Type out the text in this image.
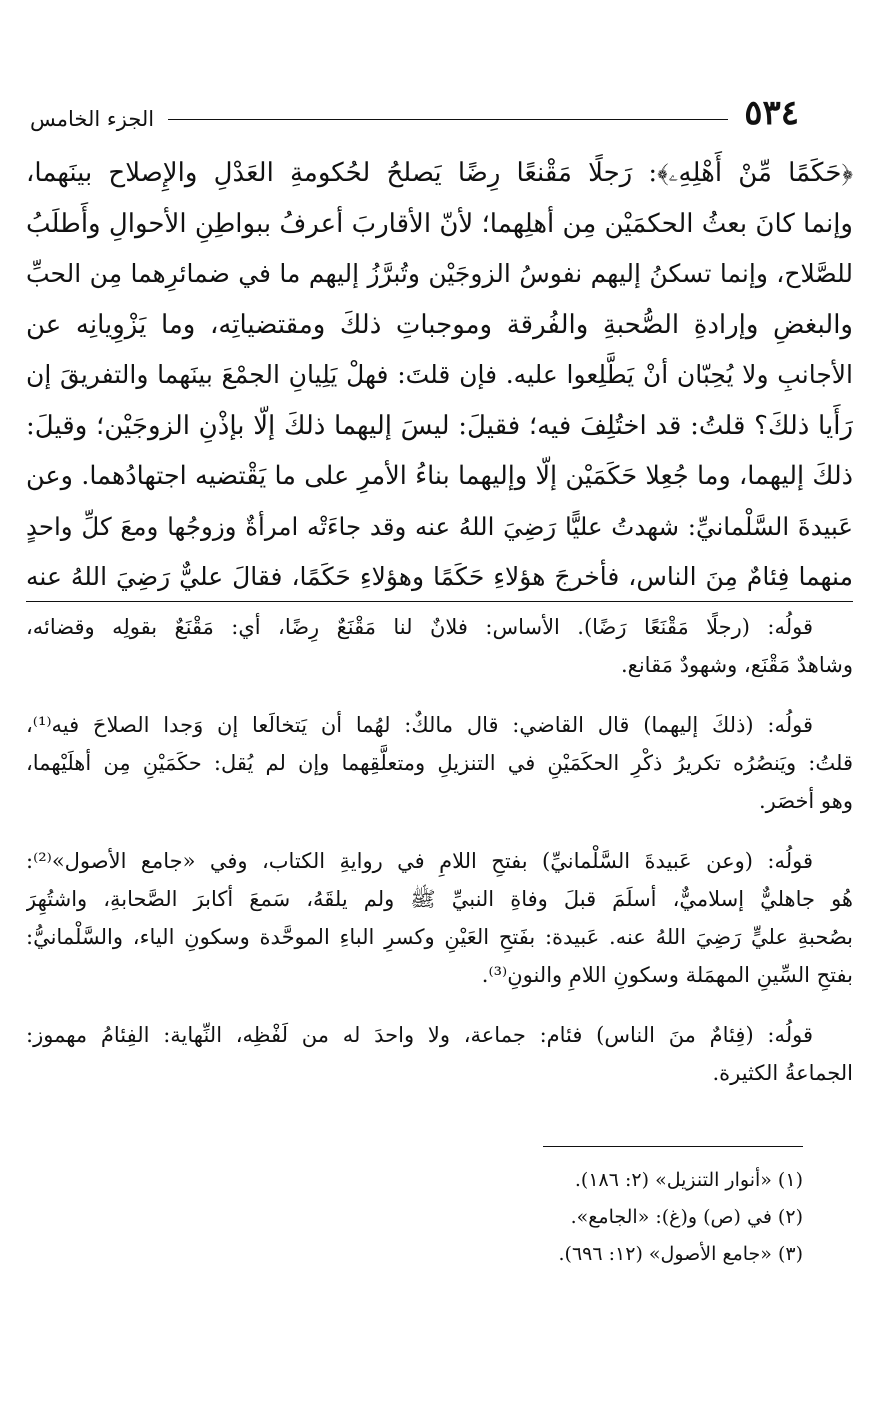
٥٣٤
الجزء الخامس
﴿حَكَمًا مِّنْ أَهْلِهِۦ﴾: رَجلًا مَقْنعًا رِضًا يَصلحُ لحُكومةِ العَدْلِ والإِصلاح بينَهما،
وإنما كانَ بعثُ الحكمَيْن مِن أهلِهما؛ لأنّ الأقاربَ أعرفُ ببواطِنِ الأحوالِ وأَطلَبُ
للصَّلاح، وإنما تسكنُ إليهم نفوسُ الزوجَيْن وتُبرَّزُ إليهم ما في ضمائرِهما مِن الحبِّ
والبغضِ وإرادةِ الصُّحبةِ والفُرقة وموجباتِ ذلكَ ومقتضياتِه، وما يَزْوِيانِه عن
الأجانبِ ولا يُحِبّان أنْ يَطَّلِعوا عليه. فإن قلتَ: فهلْ يَلِيانِ الجمْعَ بينَهما والتفريقَ إن
رَأَيا ذلكَ؟ قلتُ: قد اختُلِفَ فيه؛ فقيلَ: ليسَ إليهما ذلكَ إلّا بإذْنِ الزوجَيْن؛ وقيلَ:
ذلكَ إليهما، وما جُعِلا حَكَمَيْن إلّا وإليهما بناءُ الأمرِ على ما يَقْتضيه اجتهادُهما. وعن
عَبيدةَ السَّلْمانيِّ: شهدتُ عليًّا رَضِيَ اللهُ عنه وقد جاءَتْه امرأةٌ وزوجُها ومعَ كلِّ واحدٍ
منهما فِئامٌ مِنَ الناس، فأخرجَ هؤلاءِ حَكَمًا وهؤلاءِ حَكَمًا، فقالَ عليٌّ رَضِيَ اللهُ عنه
قولُه: (رجلًا مَقْنَعًا رَضًا). الأساس: فلانٌ لنا مَقْنَعٌ رِضًا، أي: مَقْنَعٌ بقولِه وقضائه،
وشاهدٌ مَقْنَع، وشهودٌ مَقانع.
قولُه: (ذلكَ إليهما) قال القاضي: قال مالكٌ: لهُما أن يَتخالَعا إن وَجدا الصلاحَ فيه⁽¹⁾،
قلتُ: ويَنصُرُه تكريرُ ذكْرِ الحكَمَيْنِ في التنزيلِ ومتعلَّقِهما وإن لم يُقل: حكَمَيْنِ مِن أهلَيْهما،
وهو أخصَر.
قولُه: (وعن عَبيدةَ السَّلْمانيِّ) بفتحِ اللامِ في روايةِ الكتاب، وفي «جامع الأصول»⁽²⁾:
هُو جاهليٌّ إسلاميٌّ، أسلَمَ قبلَ وفاةِ النبيِّ ﷺ ولم يلقَهُ، سَمعَ أكابرَ الصَّحابةِ، واشتُهِرَ
بصُحبةِ عليٍّ رَضِيَ اللهُ عنه. عَبيدة: بفَتحِ العَيْنِ وكسرِ الباءِ الموحَّدة وسكونِ الياء، والسَّلْمانيُّ:
بفتحِ السِّينِ المهمَلة وسكونِ اللامِ والنونِ⁽³⁾.
قولُه: (فِئامٌ منَ الناس) فئام: جماعة، ولا واحدَ له من لَفْظِه، النِّهاية: الفِئامُ مهموز:
الجماعةُ الكثيرة.
(١) «أنوار التنزيل» (٢: ١٨٦).
(٢) في (ص) و(غ): «الجامع».
(٣) «جامع الأصول» (١٢: ٦٩٦).
